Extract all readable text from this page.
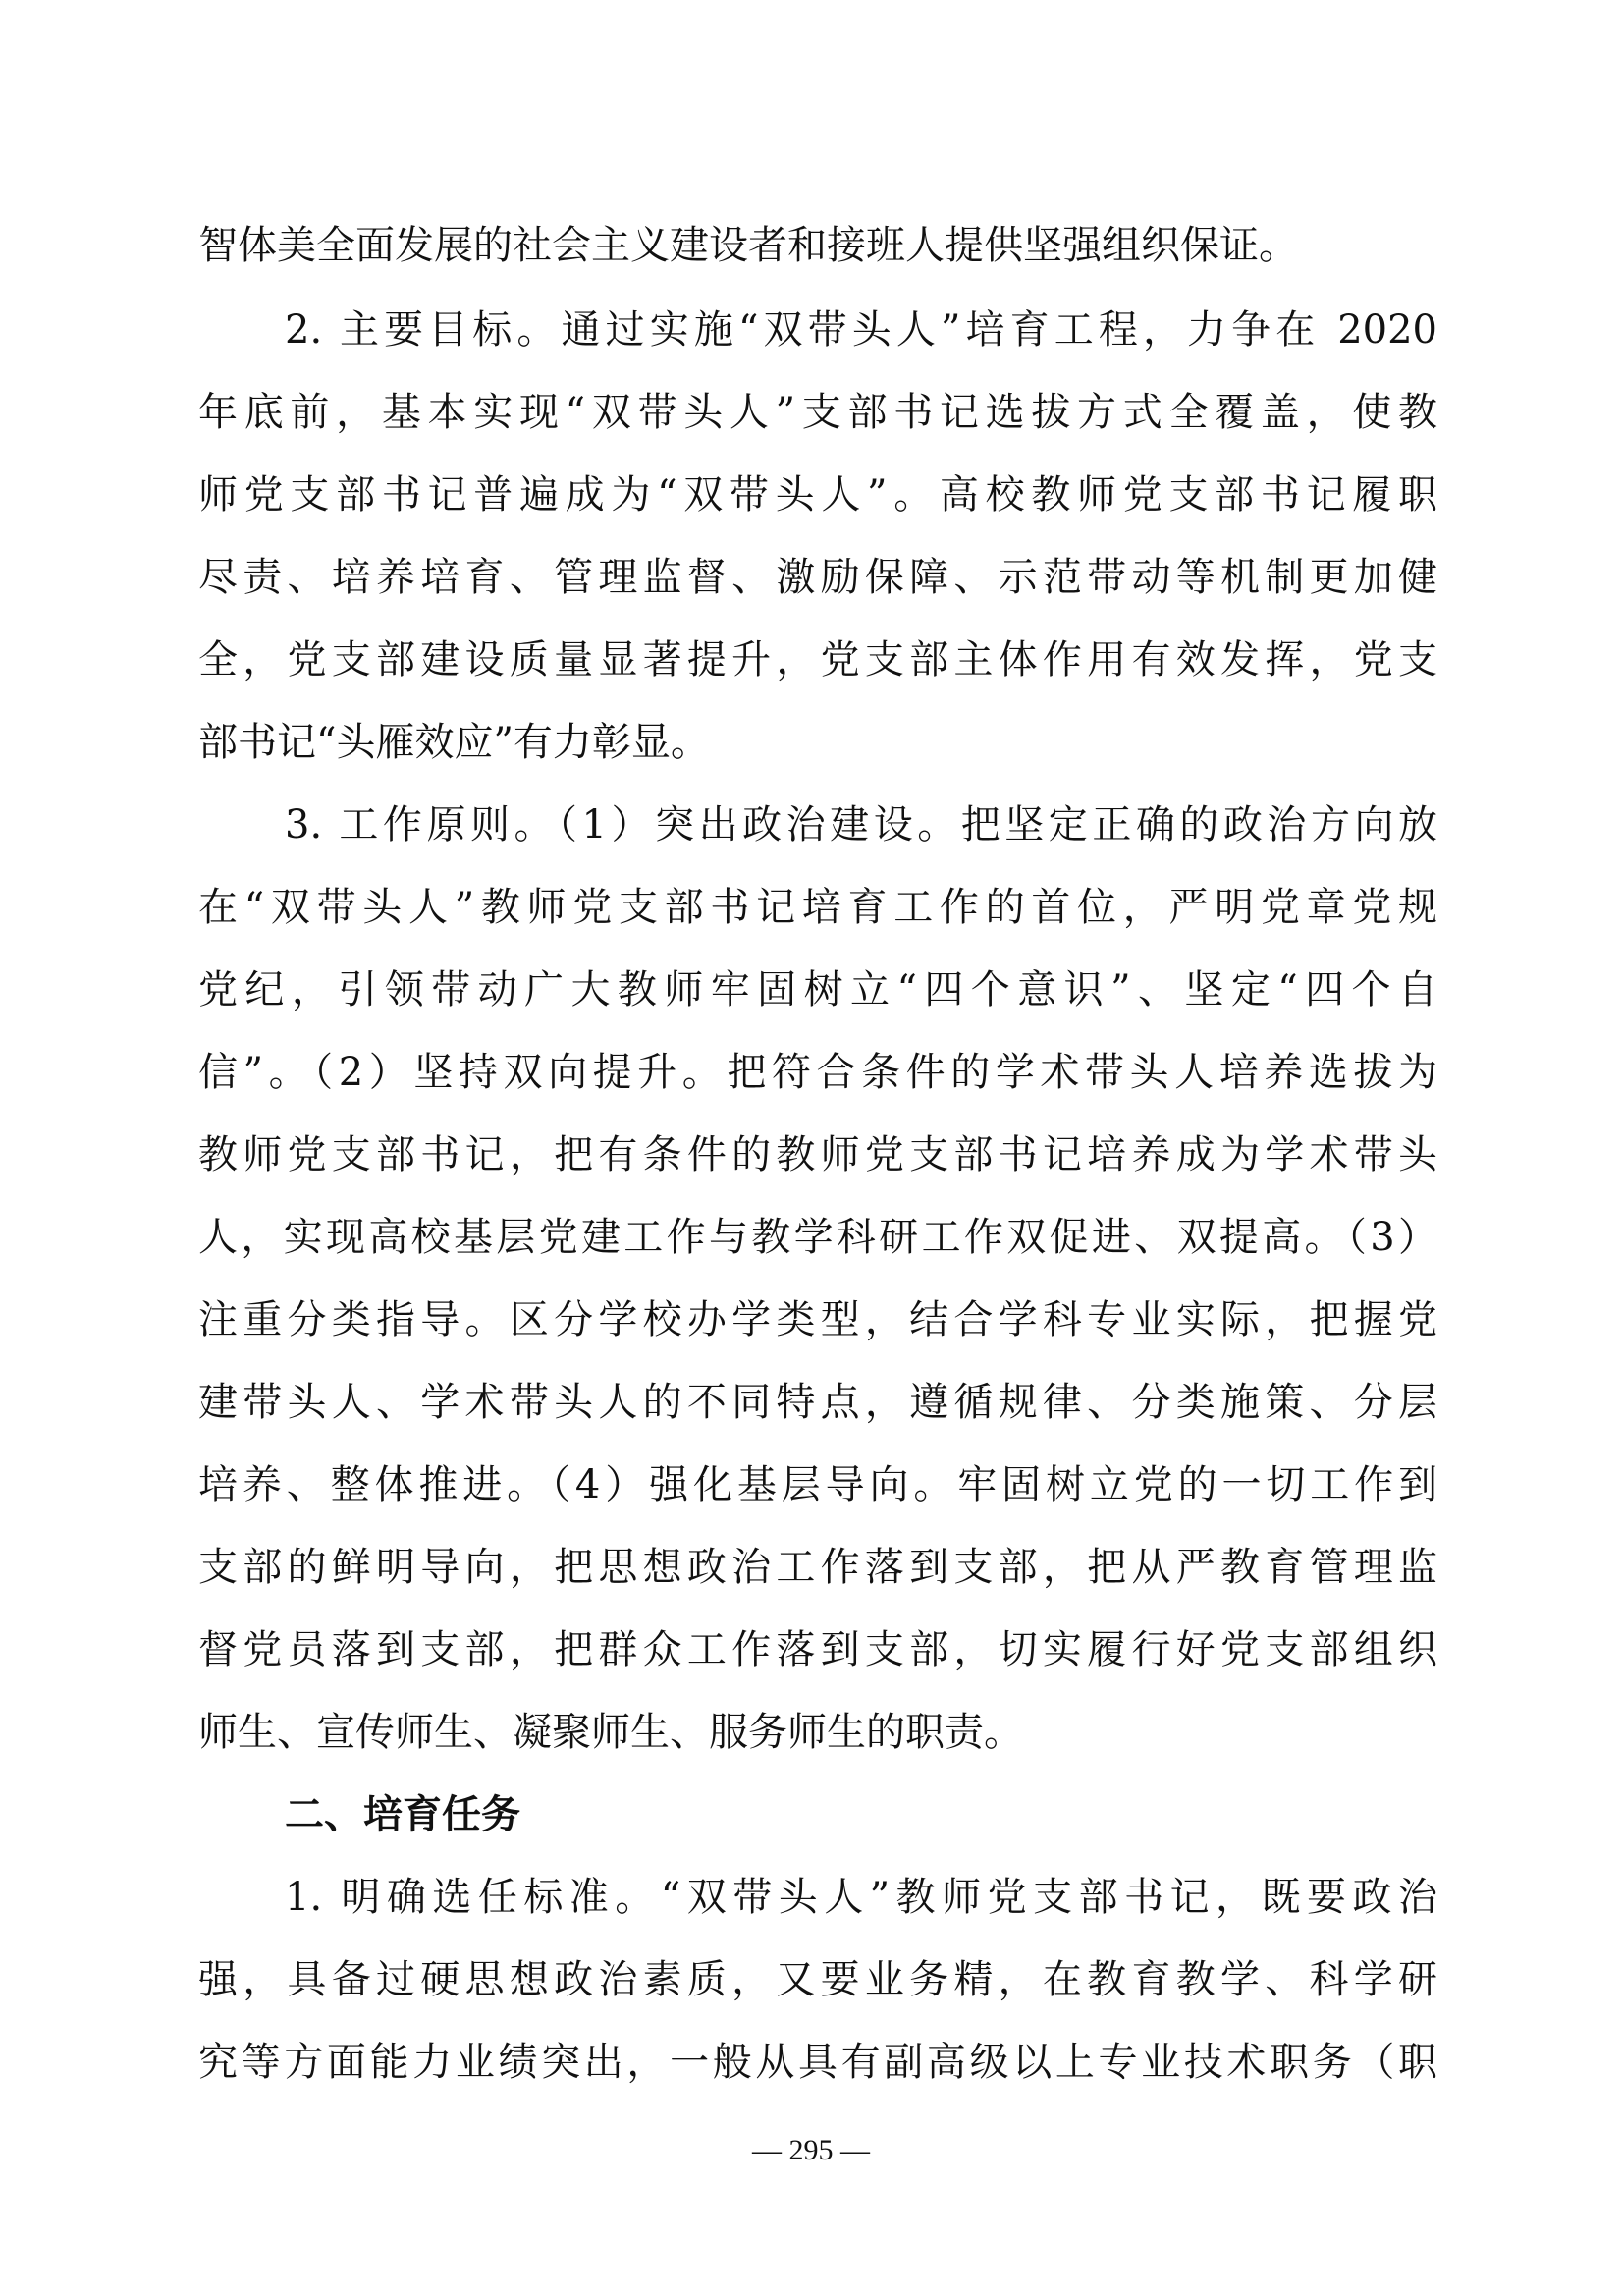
智体美全面发展的社会主义建设者和接班人提供坚强组织保证。
2. 主要目标。通过实施“双带头人”培育工程，力争在 2020
年底前，基本实现“双带头人”支部书记选拔方式全覆盖，使教
师党支部书记普遍成为“双带头人”。高校教师党支部书记履职
尽责、培养培育、管理监督、激励保障、示范带动等机制更加健
全，党支部建设质量显著提升，党支部主体作用有效发挥，党支
部书记“头雁效应”有力彰显。
3. 工作原则。（1）突出政治建设。把坚定正确的政治方向放
在“双带头人”教师党支部书记培育工作的首位，严明党章党规
党纪，引领带动广大教师牢固树立“四个意识”、坚定“四个自
信”。（2）坚持双向提升。把符合条件的学术带头人培养选拔为
教师党支部书记，把有条件的教师党支部书记培养成为学术带头
人，实现高校基层党建工作与教学科研工作双促进、双提高。（3）
注重分类指导。区分学校办学类型，结合学科专业实际，把握党
建带头人、学术带头人的不同特点，遵循规律、分类施策、分层
培养、整体推进。（4）强化基层导向。牢固树立党的一切工作到
支部的鲜明导向，把思想政治工作落到支部，把从严教育管理监
督党员落到支部，把群众工作落到支部，切实履行好党支部组织
师生、宣传师生、凝聚师生、服务师生的职责。
二、培育任务
1. 明确选任标准。“双带头人”教师党支部书记，既要政治
强，具备过硬思想政治素质，又要业务精，在教育教学、科学研
究等方面能力业绩突出，一般从具有副高级以上专业技术职务（职
— 295 —
